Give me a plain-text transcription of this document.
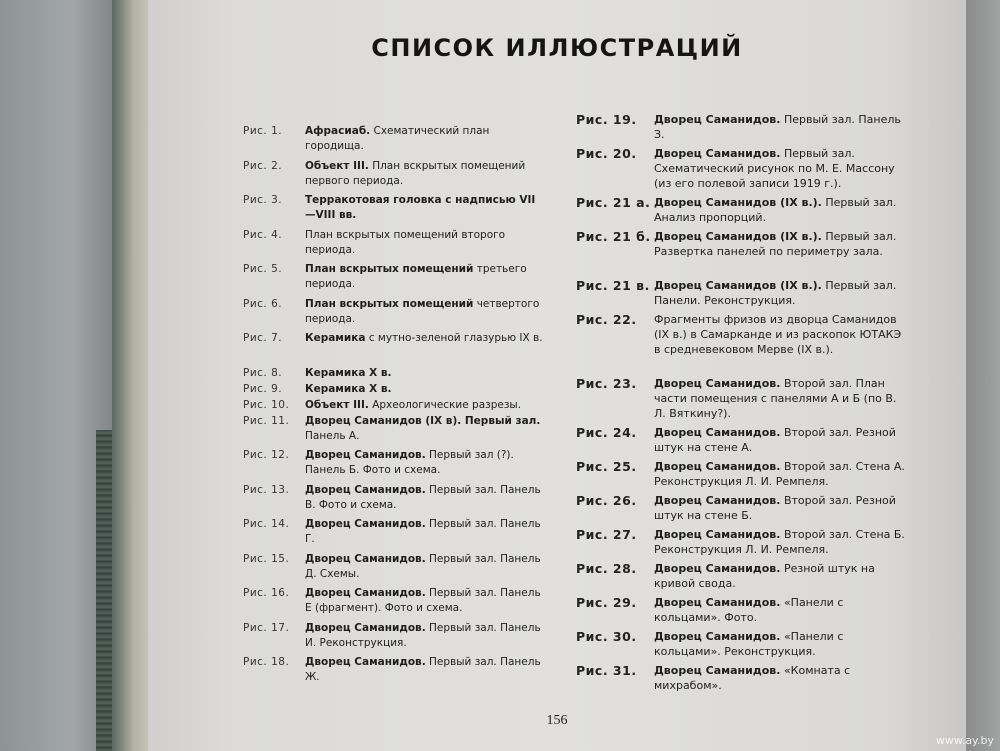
СПИСОК ИЛЛЮСТРАЦИЙ
Рис. 1.	Афрасиаб. Схематический план городища.
Рис. 2.	Объект III. План вскрытых помещений первого периода.
Рис. 3.	Терракотовая головка с надписью VII—VIII вв.
Рис. 4.	План вскрытых помещений второго периода.
Рис. 5.	План вскрытых помещений третьего периода.
Рис. 6.	План вскрытых помещений четвертого периода.
Рис. 7.	Керамика с мутно-зеленой глазурью IX в.
Рис. 8.	Керамика X в.
Рис. 9.	Керамика X в.
Рис. 10.	Объект III. Археологические разрезы.
Рис. 11.	Дворец Саманидов (IX в). Первый зал. Панель А.
Рис. 12.	Дворец Саманидов. Первый зал (?). Панель Б. Фото и схема.
Рис. 13.	Дворец Саманидов. Первый зал. Панель В. Фото и схема.
Рис. 14.	Дворец Саманидов. Первый зал. Панель Г.
Рис. 15.	Дворец Саманидов. Первый зал. Панель Д. Схемы.
Рис. 16.	Дворец Саманидов. Первый зал. Панель Е (фрагмент). Фото и схема.
Рис. 17.	Дворец Саманидов. Первый зал. Панель И. Реконструкция.
Рис. 18.	Дворец Саманидов. Первый зал. Панель Ж.
Рис. 19.	Дворец Саманидов. Первый зал. Панель З.
Рис. 20.	Дворец Саманидов. Первый зал. Схематический рисунок по М. Е. Массону (из его полевой записи 1919 г.).
Рис. 21 а. Дворец Саманидов (IX в.). Первый зал. Анализ пропорций.
Рис. 21 б. Дворец Саманидов (IX в.). Первый зал. Развертка панелей по периметру зала.
Рис. 21 в. Дворец Саманидов (IX в.). Первый зал. Панели. Реконструкция.
Рис. 22.	Фрагменты фризов из дворца Саманидов (IX в.) в Самарканде и из раскопок ЮТАКЭ в средневековом Мерве (IX в.).
Рис. 23.	Дворец Саманидов. Второй зал. План части помещения с панелями А и Б (по В. Л. Вяткину?).
Рис. 24.	Дворец Саманидов. Второй зал. Резной штук на стене А.
Рис. 25.	Дворец Саманидов. Второй зал. Стена А. Реконструкция Л. И. Ремпеля.
Рис. 26.	Дворец Саманидов. Второй зал. Резной штук на стене Б.
Рис. 27.	Дворец Саманидов. Второй зал. Стена Б. Реконструкция Л. И. Ремпеля.
Рис. 28.	Дворец Саманидов. Резной штук на кривой свода.
Рис. 29.	Дворец Саманидов. «Панели с кольцами». Фото.
Рис. 30.	Дворец Саманидов. «Панели с кольцами». Реконструкция.
Рис. 31.	Дворец Саманидов. «Комната с михрабом».
156
www.ay.by
